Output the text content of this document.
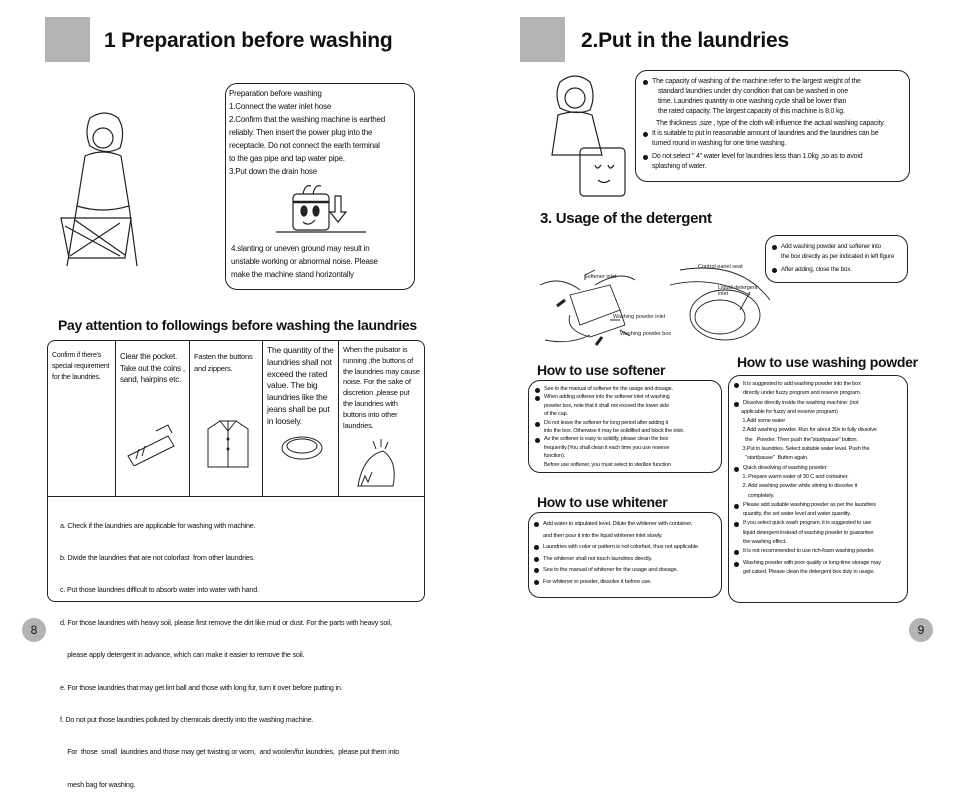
1 Preparation before washing
Preparation before washing
1.Connect the water inlet hose
2.Confirm that the washing machine is earthed
reliably. Then insert the power plug into the
receptacle. Do not connect the earth terminal
to the gas pipe and tap water pipe.
3.Put down the drain hose
4.slanting or uneven ground may result in
unstable working or abnormal noise. Please
make the machine stand horizontally
Pay attention to followings before washing the laundries
Confirm if there's special requirement for the laundries.
Clear the pocket. Take out the coins , sand, hairpins etc.
Fasten the buttons and zippers.
The quantity of the laundries shall not exceed the rated value. The big laundries like the jeans shall be put in loosely.
When the pulsator is running ,the buttons of the laundries may cause noise. For the sake of discretion ,please put the laundries with buttons into other laundries.

a. Check if the laundries are applicable for washing with machine.

b. Divide the laundries that are not colorfast  from other laundries.

c. Put those laundries difficult to absorb water into water with hand.

d. For those laundries with heavy soil, please first remove the dirt like mud or dust. For the parts with heavy soil,

please apply detergent in advance, which can make it easier to remove the soil.

e. For those laundries that may get lint ball and those with long fur, turn it over before putting in.

f. Do not put those laundries polluted by chemicals directly into the washing machine.

For  those  small  laundries and those may get twisting or worn,  and woolen/fur laundries,  please put them into

mesh bag for washing.

8
2.Put in the laundries
The capacity of washing of the machine refer to the largest weight of the
standard laundries under dry condition that can be washed in one
time. Laundries quantity in one washing cycle shall be lower than
the rated capacity. The largest capacity of this machine is 8.0 kg.
The thickness ,size , type of the cloth will influence the actual washing capacity.
It is suitable to put in reasonable amount of laundries and the laundries can be
turned round in washing for one time washing.
Do not select " 4" water level for laundries less than 1.0kg ,so as to avoid
splashing of water.
3. Usage of the detergent
Add washing powder and softener into
the box directly as per indicated in left figure
After adding, close the box.
Softener inlet
Washing powder inlet
Washing powder box
Control panel seat
Liquid detergent
inlet
How to use softener
See to the manual of softener for the usage and dosage.
When adding softener into the softener inlet of washing
powder box, note that it shall not exceed the lower side
of the cap.
Do not leave the softener for long period after adding it
into the box. Otherwise it may be solidified and block the inlet.
As the softener is easy to solidify, please clean the box
frequently.(You shall clean it each time you use reserve
function).
Before use softener, you must select to sterilize function
How to use whitener
Add water to stipulated level. Dilute the whitener with container,
and then pour it into the liquid whitener inlet slowly.
Laundries with color or pattern is not colorfast, thus not applicable.
The whitener shall not touch laundries directly.
See to the manual of whitener for the usage and dosage.
For whitener in powder, dissolve it before use.
How to use washing powder
It is suggested to add washing powder into the box
directly under fuzzy program and reserve program.
Dissolve directly inside the washing machine: (not
applicable for fuzzy and reserve program)
1.Add some water
2.Add washing powder. Run for about 30s to fully dissolve
the   Powder. Then push the"start/pause" button.
3.Put in laundries. Select suitable water level. Push the
"start/pause"  Button again.
Quick dissolving of washing powder:
1. Prepare warm water of 30 C and container.
2. Add washing powder while stirring to dissolve it
completely.
Please add suitable washing powder as per the laundries
quantity, the set water level and water quantity.
If you select quick wash program, it is suggested to use
liquid detergent instead of washing powder to guarantee
the washing effect.
It is not recommended to use rich-foam washing powder.
Washing powder with poor quality or long-time storage may
get caked. Please clean the detergent box duly in usage.
9
